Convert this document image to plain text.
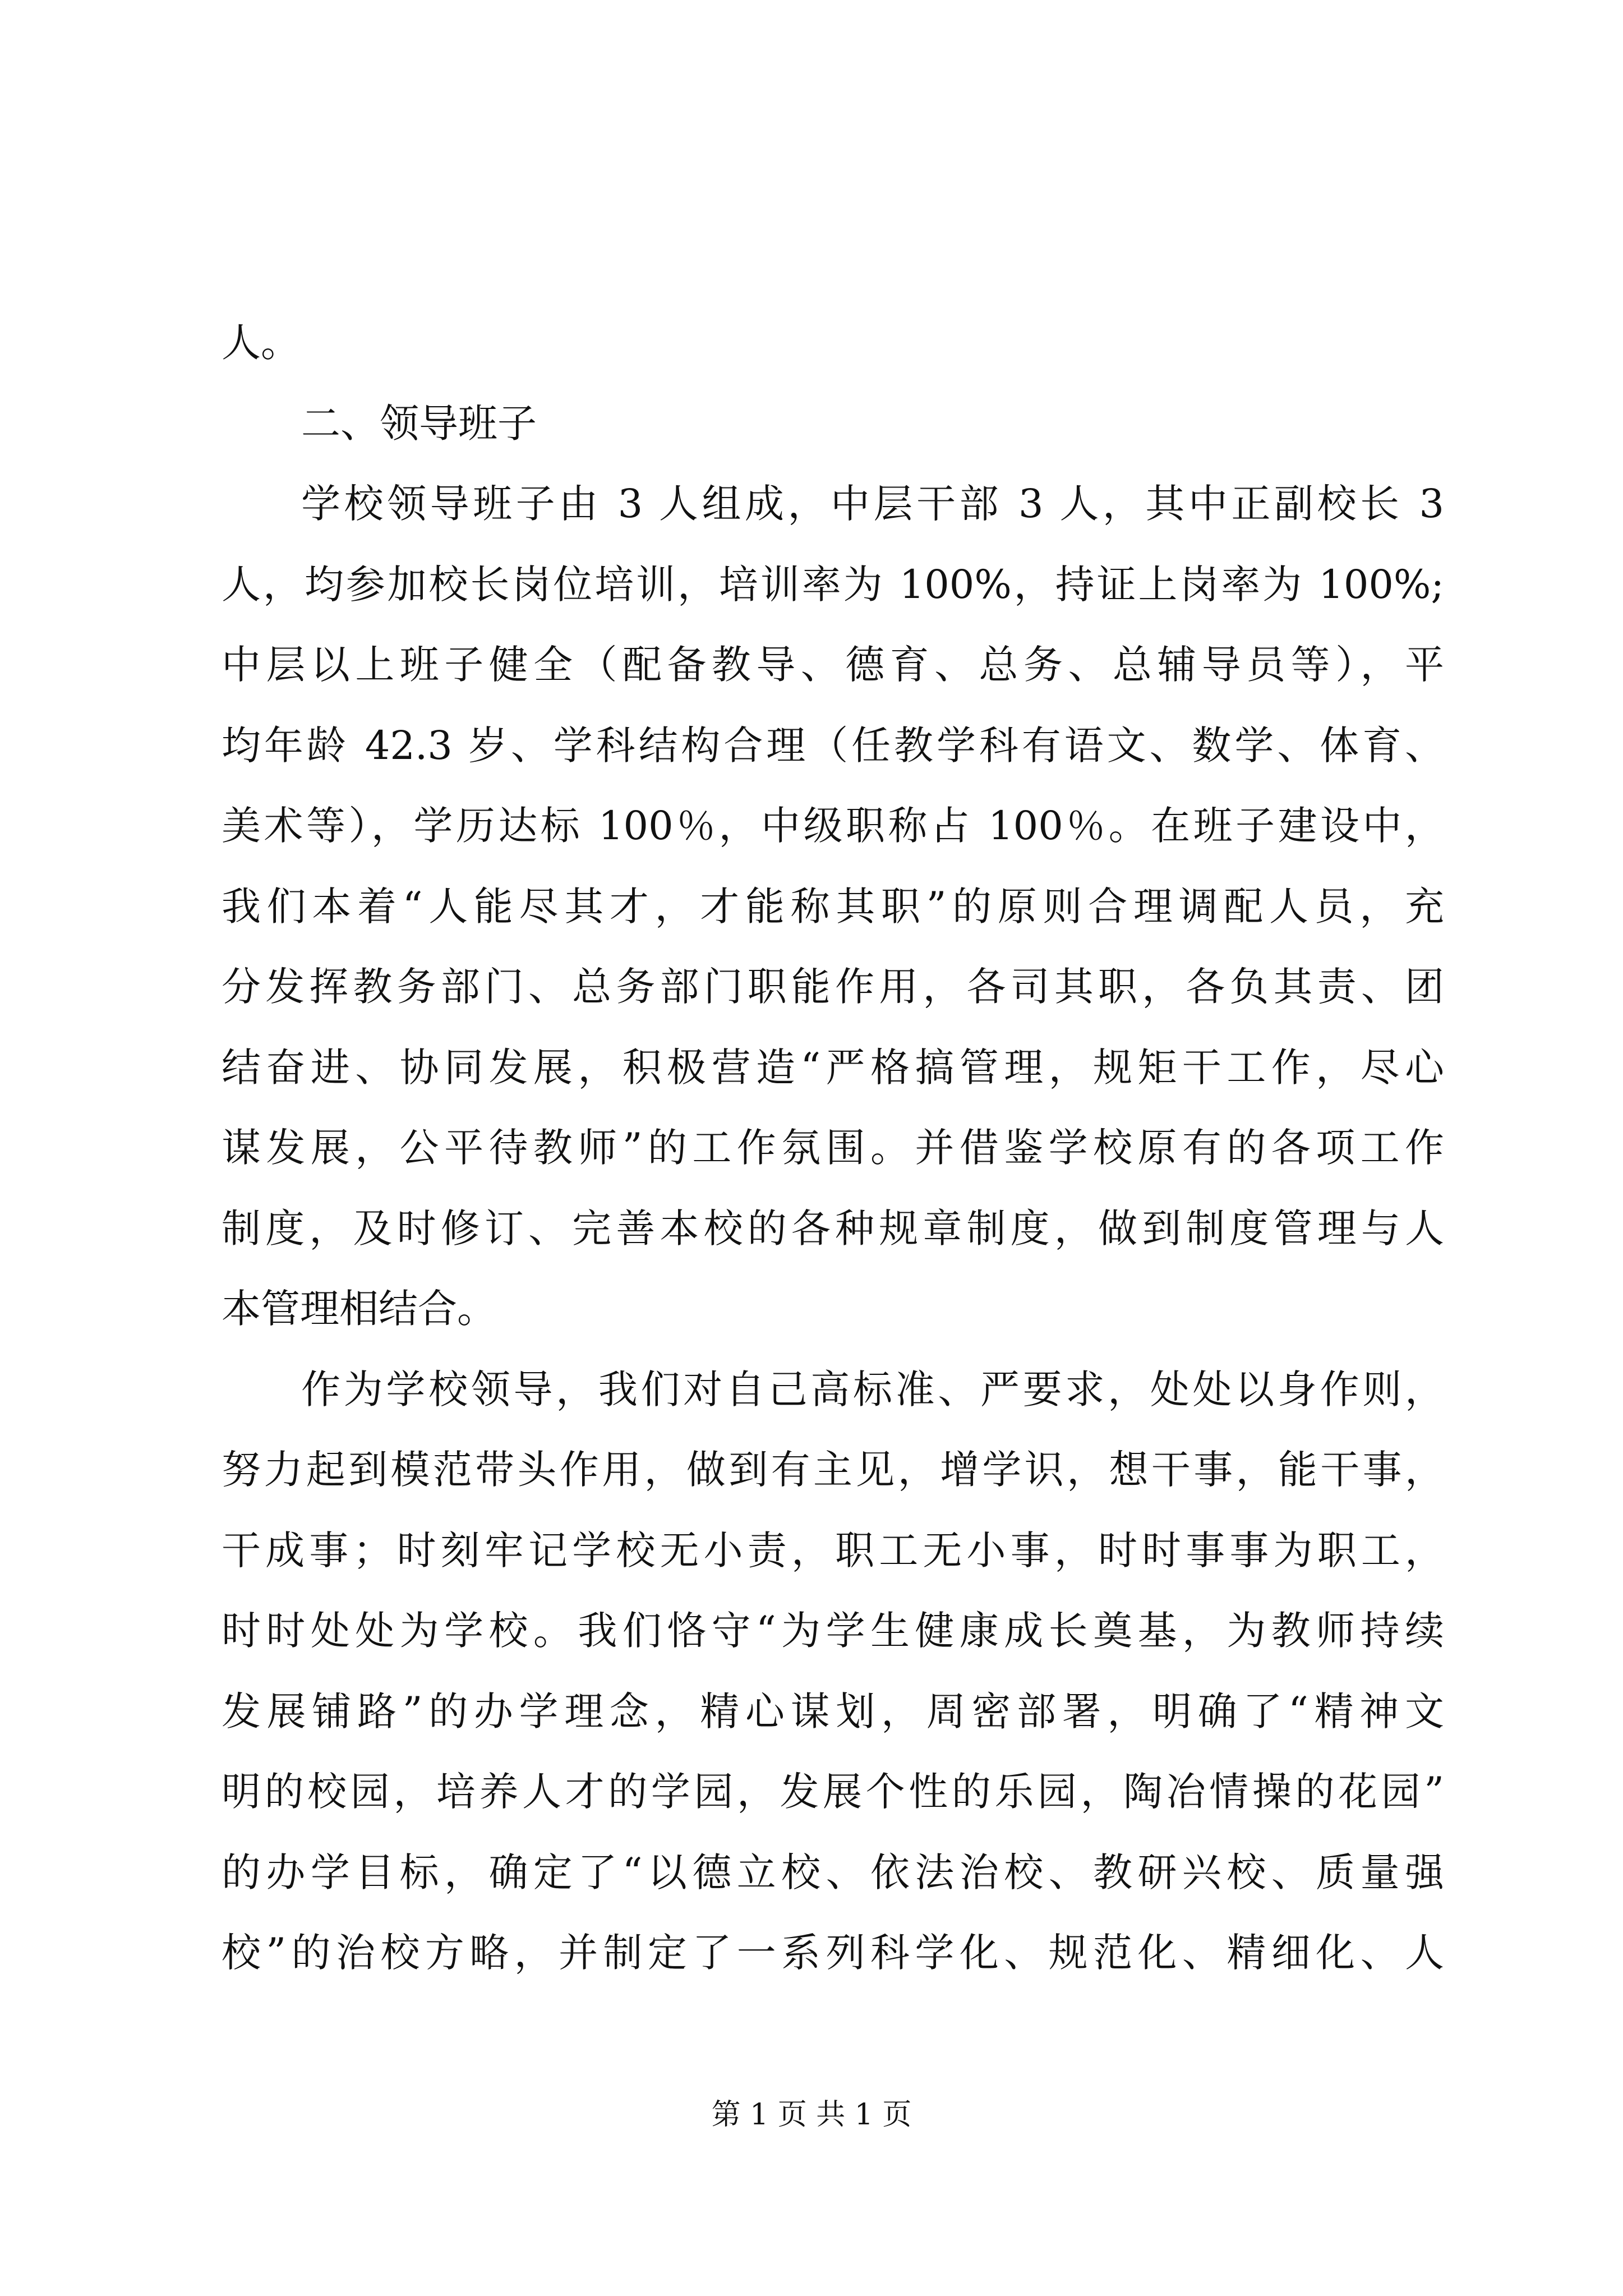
人。
二、领导班子
学校领导班子由 3 人组成，中层干部 3 人，其中正副校长 3
人，均参加校长岗位培训，培训率为 100%，持证上岗率为 100%;
中层以上班子健全（配备教导、德育、总务、总辅导员等），平
均年龄 42.3 岁、学科结构合理（任教学科有语文、数学、体育、
美术等），学历达标 100％，中级职称占 100％。在班子建设中，
我们本着“人能尽其才，才能称其职”的原则合理调配人员，充
分发挥教务部门、总务部门职能作用，各司其职，各负其责、团
结奋进、协同发展，积极营造“严格搞管理，规矩干工作，尽心
谋发展，公平待教师”的工作氛围。并借鉴学校原有的各项工作
制度，及时修订、完善本校的各种规章制度，做到制度管理与人
本管理相结合。
作为学校领导，我们对自己高标准、严要求，处处以身作则，
努力起到模范带头作用，做到有主见，增学识，想干事，能干事，
干成事；时刻牢记学校无小责，职工无小事，时时事事为职工，
时时处处为学校。我们恪守“为学生健康成长奠基，为教师持续
发展铺路”的办学理念，精心谋划，周密部署，明确了“精神文
明的校园，培养人才的学园，发展个性的乐园，陶冶情操的花园”
的办学目标，确定了“以德立校、依法治校、教研兴校、质量强
校”的治校方略，并制定了一系列科学化、规范化、精细化、人
第 1 页 共 1 页
